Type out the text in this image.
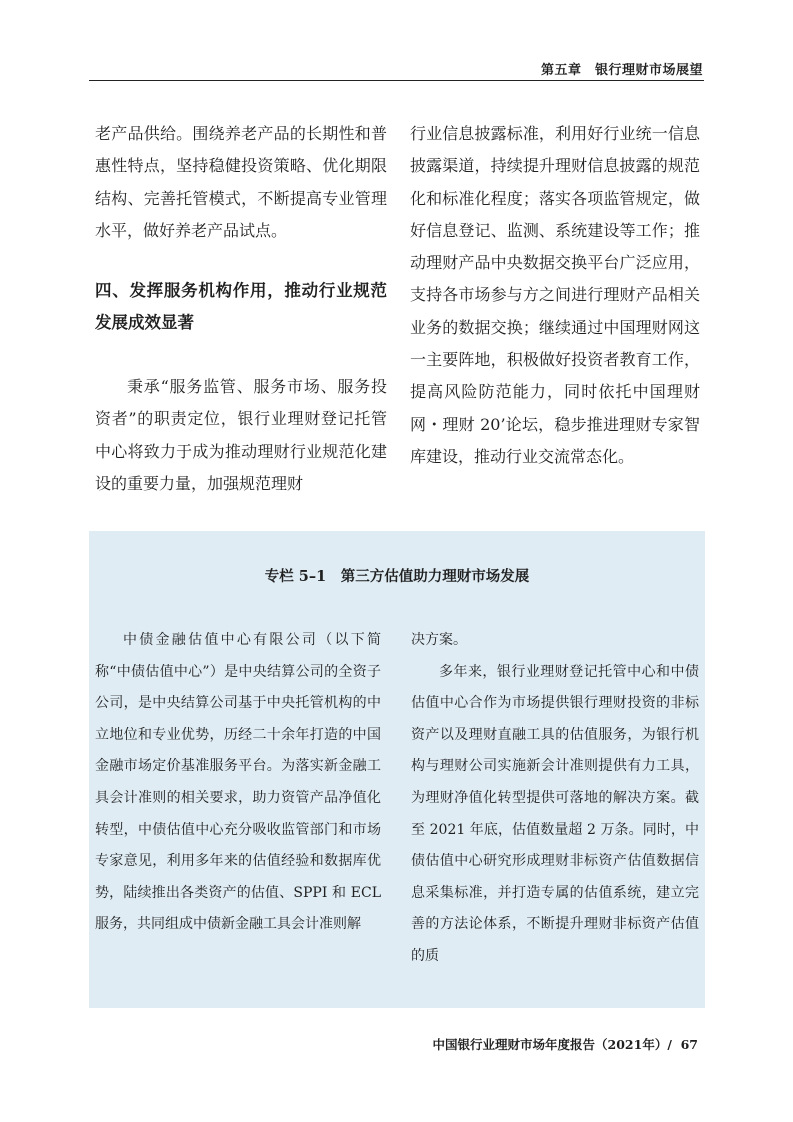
第五章　银行理财市场展望

老产品供给。围绕养老产品的长期性和普惠性特点，坚持稳健投资策略、优化期限结构、完善托管模式，不断提高专业管理水平，做好养老产品试点。

四、发挥服务机构作用，推动行业规范发展成效显著

秉承“服务监管、服务市场、服务投资者”的职责定位，银行业理财登记托管中心将致力于成为推动理财行业规范化建设的重要力量，加强规范理财

行业信息披露标准，利用好行业统一信息披露渠道，持续提升理财信息披露的规范化和标准化程度；落实各项监管规定，做好信息登记、监测、系统建设等工作；推动理财产品中央数据交换平台广泛应用，支持各市场参与方之间进行理财产品相关业务的数据交换；继续通过中国理财网这一主要阵地，积极做好投资者教育工作，提高风险防范能力，同时依托中国理财网・理财 20’论坛，稳步推进理财专家智库建设，推动行业交流常态化。

专栏 5–1　第三方估值助力理财市场发展

中债金融估值中心有限公司（以下简称“中债估值中心”）是中央结算公司的全资子公司，是中央结算公司基于中央托管机构的中立地位和专业优势，历经二十余年打造的中国金融市场定价基准服务平台。为落实新金融工具会计准则的相关要求，助力资管产品净值化转型，中债估值中心充分吸收监管部门和市场专家意见，利用多年来的估值经验和数据库优势，陆续推出各类资产的估值、SPPI 和 ECL 服务，共同组成中债新金融工具会计准则解

决方案。

多年来，银行业理财登记托管中心和中债估值中心合作为市场提供银行理财投资的非标资产以及理财直融工具的估值服务，为银行机构与理财公司实施新会计准则提供有力工具，为理财净值化转型提供可落地的解决方案。截至 2021 年底，估值数量超 2 万条。同时，中债估值中心研究形成理财非标资产估值数据信息采集标准，并打造专属的估值系统，建立完善的方法论体系，不断提升理财非标资产估值的质

中国银行业理财市场年度报告（2021年）/  67
